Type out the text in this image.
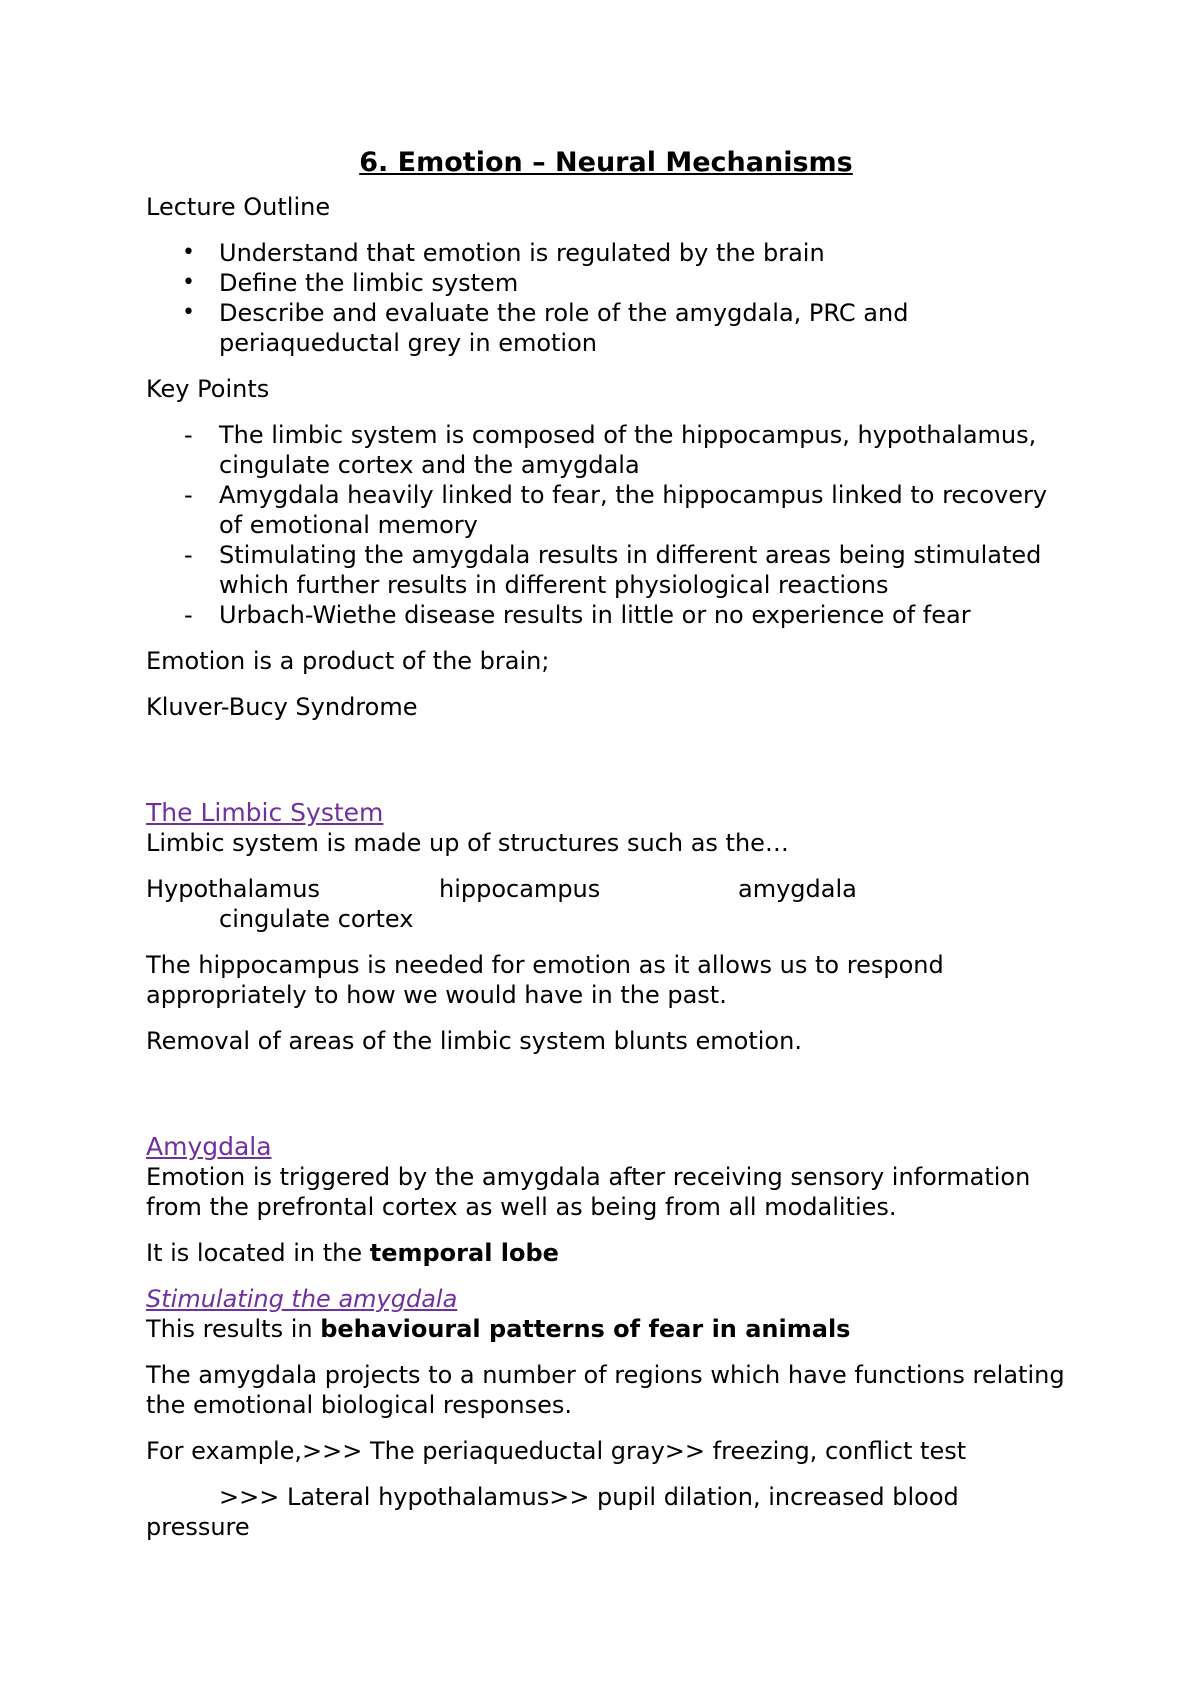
6. Emotion – Neural Mechanisms

Lecture Outline

• Understand that emotion is regulated by the brain
• Define the limbic system
• Describe and evaluate the role of the amygdala, PRC and periaqueductal grey in emotion

Key Points

- The limbic system is composed of the hippocampus, hypothalamus, cingulate cortex and the amygdala
- Amygdala heavily linked to fear, the hippocampus linked to recovery of emotional memory
- Stimulating the amygdala results in different areas being stimulated which further results in different physiological reactions
- Urbach-Wiethe disease results in little or no experience of fear

Emotion is a product of the brain;

Kluver-Bucy Syndrome

The Limbic System

Limbic system is made up of structures such as the…

Hypothalamus	hippocampus	amygdala
cingulate cortex

The hippocampus is needed for emotion as it allows us to respond appropriately to how we would have in the past.

Removal of areas of the limbic system blunts emotion.

Amygdala

Emotion is triggered by the amygdala after receiving sensory information from the prefrontal cortex as well as being from all modalities.

It is located in the temporal lobe

Stimulating the amygdala

This results in behavioural patterns of fear in animals

The amygdala projects to a number of regions which have functions relating the emotional biological responses.

For example,>>> The periaqueductal gray>> freezing, conflict test

>>> Lateral hypothalamus>> pupil dilation, increased blood

pressure
